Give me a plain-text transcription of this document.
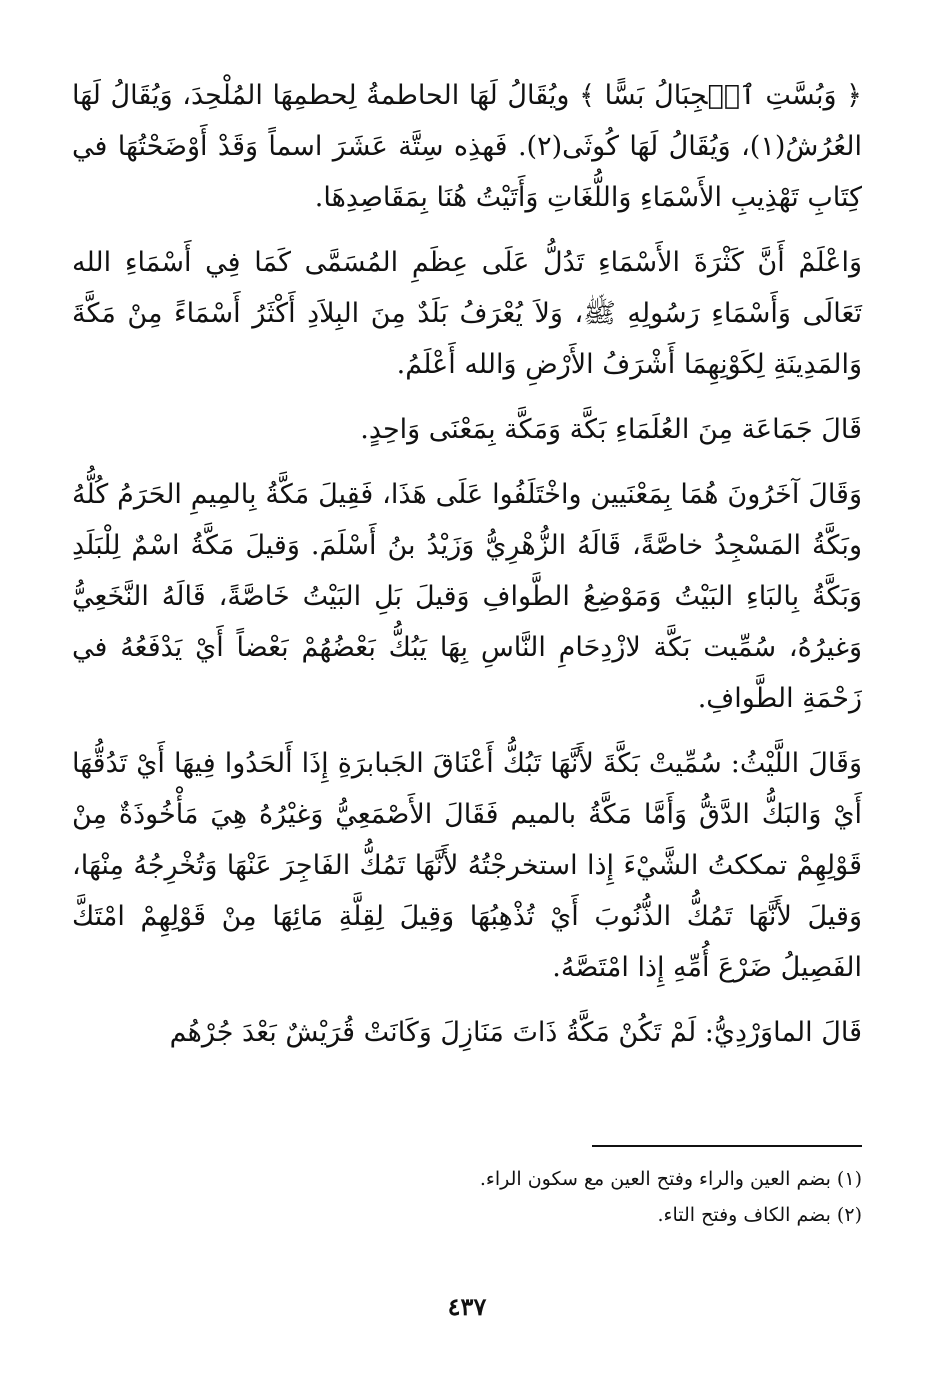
﴿ وَبُسَّتِ ٱلۡجِبَالُ بَسًّا ﴾ ويُقَالُ لَهَا الحاطمةُ لِحطمِهَا المُلْحِدَ، وَيُقَالُ لَهَا العُرُشُ(١)، وَيُقَالُ لَهَا كُوثَى(٢). فَهذِه سِتَّة عَشَرَ اسماً وَقَدْ أَوْضَحْتُهَا في كِتَابِ تَهْذِيبِ الأَسْمَاءِ وَاللُّغَاتِ وَأَتَيْتُ هُنَا بِمَقَاصِدِهَا.

وَاعْلَمْ أَنَّ كَثْرَةَ الأَسْمَاءِ تَدُلُّ عَلَى عِظَمِ المُسَمَّى كَمَا فِي أَسْمَاءِ الله تَعَالَى وَأَسْمَاءِ رَسُولِهِ ﷺ، وَلاَ يُعْرَفُ بَلَدٌ مِنَ البِلاَدِ أَكْثَرُ أَسْمَاءً مِنْ مَكَّةَ وَالمَدِينَةِ لِكَوْنِهِمَا أَشْرَفُ الأَرْضِ وَالله أَعْلَمُ.

قَالَ جَمَاعَة مِنَ العُلَمَاءِ بَكَّة وَمَكَّة بِمَعْنَى وَاحِدٍ.

وَقَالَ آخَرُونَ هُمَا بِمَعْنَيين واخْتَلَفُوا عَلَى هَذَا، فَقِيلَ مَكَّةُ بِالمِيمِ الحَرَمُ كُلُّهُ وبَكَّةُ المَسْجِدُ خاصَّةً، قَالَهُ الزُّهْرِيُّ وَزَيْدُ بنُ أَسْلَمَ. وَقيلَ مَكَّةُ اسْمٌ لِلْبَلَدِ وَبَكَّةُ بِالبَاءِ البَيْتُ وَمَوْضِعُ الطَّوافِ وَقيلَ بَلِ البَيْتُ خَاصَّةً، قَالَهُ النَّخَعِيُّ وَغيرُهُ، سُمِّيت بَكَّة لازْدِحَامِ النَّاسِ بِهَا يَبُكُّ بَعْضُهُمْ بَعْضاً أَيْ يَدْفَعُهُ في زَحْمَةِ الطَّوافِ.

وَقَالَ اللَّيْثُ: سُمِّيتْ بَكَّةَ لأَنَّهَا تَبُكُّ أَعْنَاقَ الجَبابرَةِ إِذَا أَلحَدُوا فِيهَا أَيْ تَدُقُّهَا أَيْ وَالبَكُّ الدَّقُّ وَأَمَّا مَكَّةُ بالميم فَقَالَ الأَصْمَعِيُّ وَغيْرُهُ هِيَ مَأْخُوذَةٌ مِنْ قَوْلِهِمْ تمككتُ الشَّيْءَ إِذا استخرجْتُهُ لأَنَّهَا تَمُكُّ الفَاجِرَ عَنْهَا وَتُخْرِجُهُ مِنْهَا، وَقيلَ لأَنَّهَا تَمُكُّ الذُّنُوبَ أَيْ تُذْهِبُهَا وَقِيلَ لِقِلَّةِ مَائِهَا مِنْ قَوْلِهِمْ امْتَكَّ الفَصِيلُ ضَرْعَ أُمِّهِ إِذا امْتَصَّهُ.

قَالَ الماوَرْدِيُّ: لَمْ تَكُنْ مَكَّةُ ذَاتَ مَنَازِلَ وَكَانَتْ قُرَيْشٌ بَعْدَ جُرْهُم

(١) بضم العين والراء وفتح العين مع سكون الراء.

(٢) بضم الكاف وفتح التاء.

٤٣٧
